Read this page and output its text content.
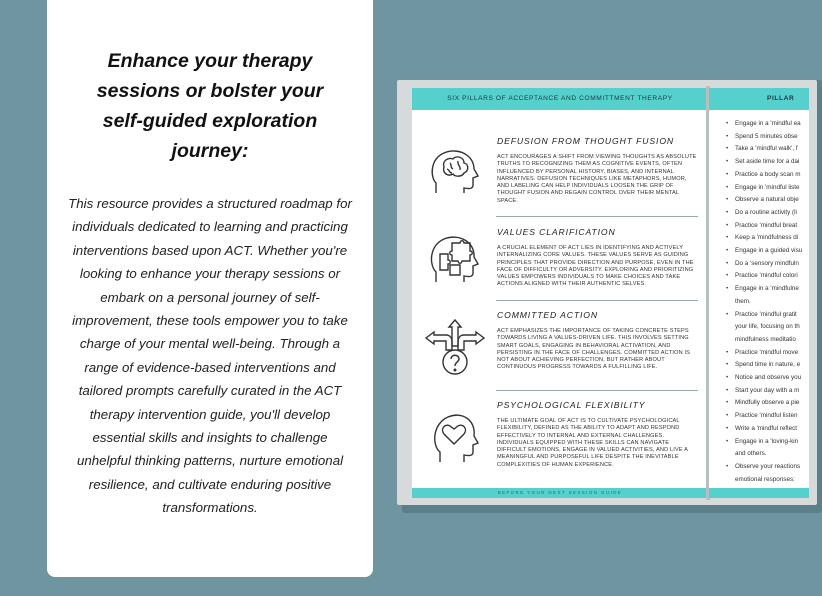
Enhance your therapy sessions or bolster your self-guided exploration journey:
This resource provides a structured roadmap for individuals dedicated to learning and practicing interventions based upon ACT. Whether you're looking to enhance your therapy sessions or embark on a personal journey of self-improvement, these tools empower you to take charge of your mental well-being. Through a range of evidence-based interventions and tailored prompts carefully curated in the ACT therapy intervention guide, you'll develop essential skills and insights to challenge unhelpful thinking patterns, nurture emotional resilience, and cultivate enduring positive transformations.
SIX PILLARS OF ACCEPTANCE AND COMMITTMENT THERAPY
DEFUSION FROM THOUGHT FUSION

ACT ENCOURAGES A SHIFT FROM VIEWING THOUGHTS AS ABSOLUTE TRUTHS TO RECOGNIZING THEM AS COGNITIVE EVENTS, OFTEN INFLUENCED BY PERSONAL HISTORY, BIASES, AND INTERNAL NARRATIVES. DEFUSION TECHNIQUES LIKE METAPHORS, HUMOR, AND LABELING CAN HELP INDIVIDUALS LOOSEN THE GRIP OF THOUGHT FUSION AND REGAIN CONTROL OVER THEIR MENTAL SPACE.

VALUES CLARIFICATION

A CRUCIAL ELEMENT OF ACT LIES IN IDENTIFYING AND ACTIVELY INTERNALIZING CORE VALUES. THESE VALUES SERVE AS GUIDING PRINCIPLES THAT PROVIDE DIRECTION AND PURPOSE, EVEN IN THE FACE OF DIFFICULTY OR ADVERSITY. EXPLORING AND PRIORITIZING VALUES EMPOWERS INDIVIDUALS TO MAKE CHOICES AND TAKE ACTIONS ALIGNED WITH THEIR AUTHENTIC SELVES.

COMMITTED ACTION

ACT EMPHASIZES THE IMPORTANCE OF TAKING CONCRETE STEPS TOWARDS LIVING A VALUES-DRIVEN LIFE. THIS INVOLVES SETTING SMART GOALS, ENGAGING IN BEHAVIORAL ACTIVATION, AND PERSISTING IN THE FACE OF CHALLENGES. COMMITTED ACTION IS NOT ABOUT ACHIEVING PERFECTION, BUT RATHER ABOUT CONTINUOUS PROGRESS TOWARDS A FULFILLING LIFE.

PSYCHOLOGICAL FLEXIBILITY

THE ULTIMATE GOAL OF ACT IS TO CULTIVATE PSYCHOLOGICAL FLEXIBILITY, DEFINED AS THE ABILITY TO ADAPT AND RESPOND EFFECTIVELY TO INTERNAL AND EXTERNAL CHALLENGES. INDIVIDUALS EQUIPPED WITH THESE SKILLS CAN NAVIGATE DIFFICULT EMOTIONS, ENGAGE IN VALUED ACTIVITIES, AND LIVE A MEANINGFUL AND PURPOSEFUL LIFE DESPITE THE INEVITABLE COMPLEXITIES OF HUMAN EXPERIENCE.

BEFORE YOUR NEXT SESSION GUIDE
PILLAR
• Engage in a 'mindful ea
• Spend 5 minutes obse
• Take a 'mindful walk', f
• Set aside time for a dai
• Practice a body scan m
• Engage in 'mindful liste
• Observe a natural obje
• Do a routine activity (li
• Practice 'mindful breat
• Keep a 'mindfulness di
• Engage in a guided visu
• Do a 'sensory mindfuln
• Practice 'mindful colori
• Engage in a 'mindfulne
them.
• Practice 'mindful gratit
your life, focusing on th
mindfulness meditatio
• Practice 'mindful move
• Spend time in nature, e
• Notice and observe you
• Start your day with a m
• Mindfully observe a pie
• Practice 'mindful listen
• Write a 'mindful reflect
• Engage in a 'loving-kin
and others.
• Observe your reactions
emotional responses:
